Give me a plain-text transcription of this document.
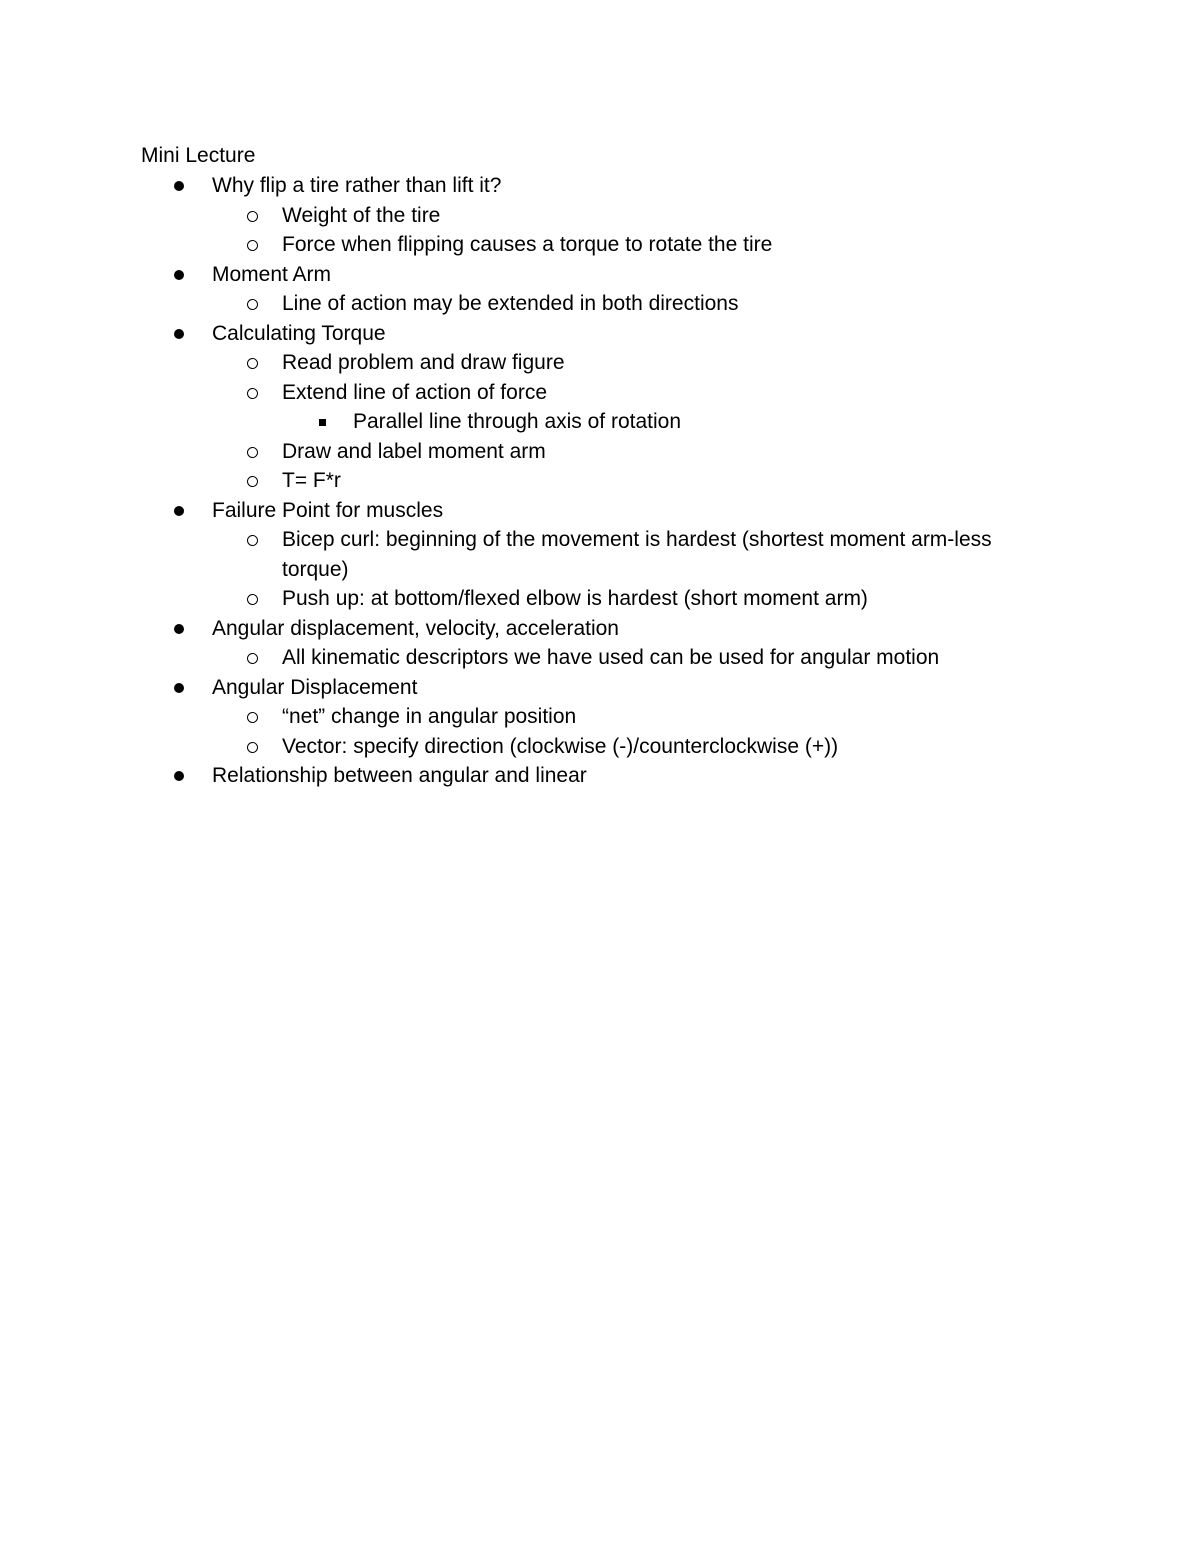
Mini Lecture
Why flip a tire rather than lift it?
Weight of the tire
Force when flipping causes a torque to rotate the tire
Moment Arm
Line of action may be extended in both directions
Calculating Torque
Read problem and draw figure
Extend line of action of force
Parallel line through axis of rotation
Draw and label moment arm
T= F*r
Failure Point for muscles
Bicep curl: beginning of the movement is hardest (shortest moment arm-less
torque)
Push up: at bottom/flexed elbow is hardest (short moment arm)
Angular displacement, velocity, acceleration
All kinematic descriptors we have used can be used for angular motion
Angular Displacement
“net” change in angular position
Vector: specify direction (clockwise (-)/counterclockwise (+))
Relationship between angular and linear
